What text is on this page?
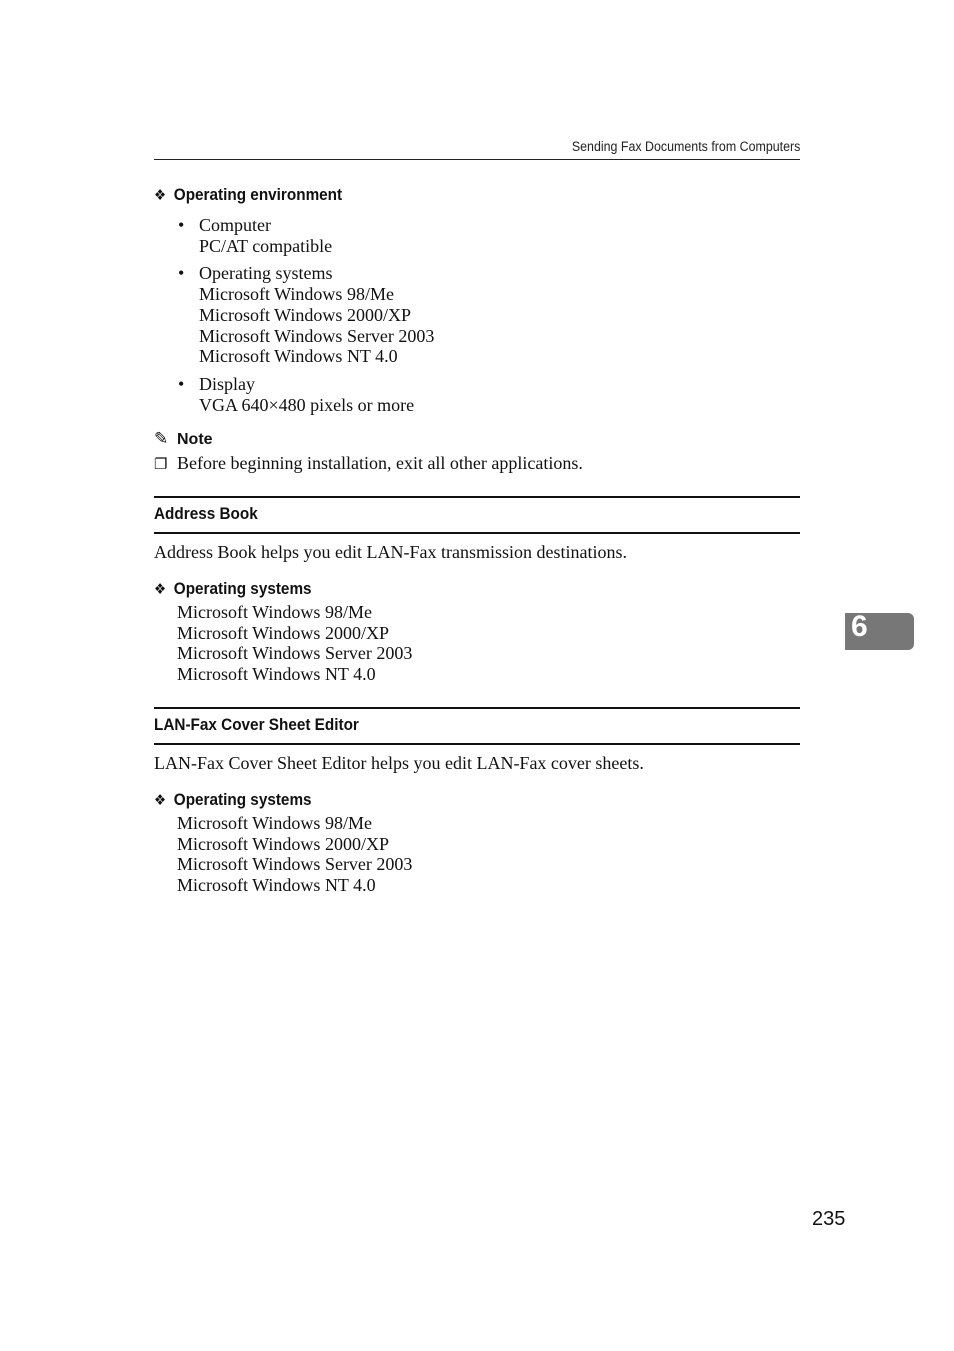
Sending Fax Documents from Computers
❖ Operating environment
• Computer
PC/AT compatible
• Operating systems
Microsoft Windows 98/Me
Microsoft Windows 2000/XP
Microsoft Windows Server 2003
Microsoft Windows NT 4.0
• Display
VGA 640×480 pixels or more
✎ Note
❐ Before beginning installation, exit all other applications.
Address Book
Address Book helps you edit LAN-Fax transmission destinations.
❖ Operating systems
Microsoft Windows 98/Me
Microsoft Windows 2000/XP
Microsoft Windows Server 2003
Microsoft Windows NT 4.0
LAN-Fax Cover Sheet Editor
LAN-Fax Cover Sheet Editor helps you edit LAN-Fax cover sheets.
❖ Operating systems
Microsoft Windows 98/Me
Microsoft Windows 2000/XP
Microsoft Windows Server 2003
Microsoft Windows NT 4.0
6
235
